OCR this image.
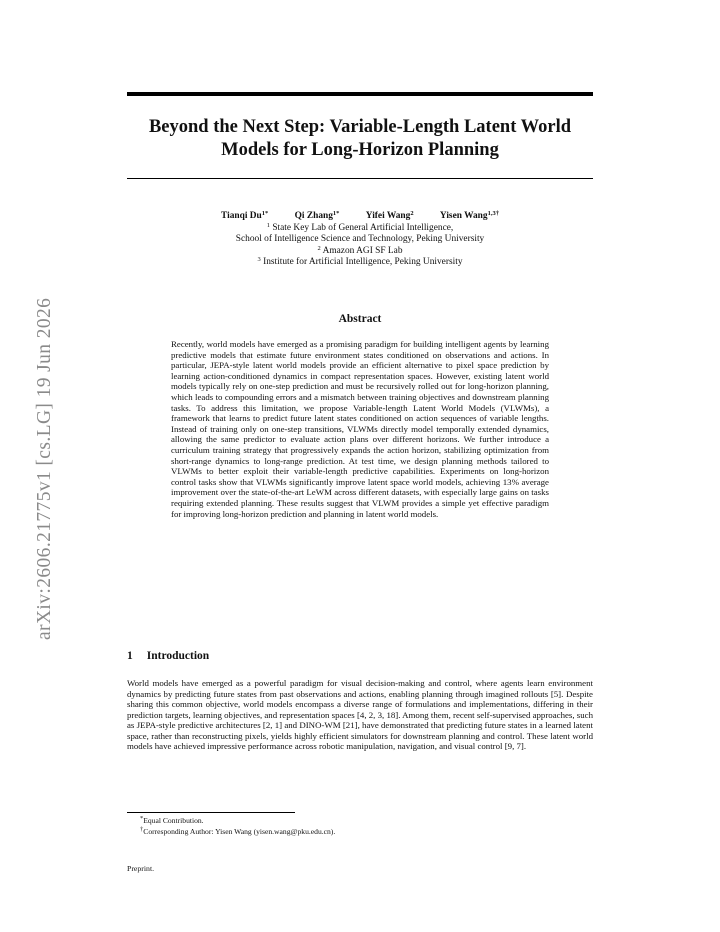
arXiv:2606.21775v1 [cs.LG] 19 Jun 2026
Beyond the Next Step: Variable-Length Latent World
Models for Long-Horizon Planning
Tianqi $Du^{1*}$	Qi Zhang$^{1*}$	Yifei Wang$^2$	Yisen Wang$^{1,3\dagger}$
$^1$ State Key Lab of General Artificial Intelligence,
School of Intelligence Science and Technology, Peking University
$^2$ Amazon AGI SF Lab
$^3$ Institute for Artificial Intelligence, Peking University
Abstract
Recently, world models have emerged as a promising paradigm for building intelligent agents by learning predictive models that estimate future environment states conditioned on observations and actions. In particular, JEPA-style latent world models provide an efficient alternative to pixel space prediction by learning action-conditioned dynamics in compact representation spaces. However, existing latent world models typically rely on one-step prediction and must be recursively rolled out for long-horizon planning, which leads to compounding errors and a mismatch between training objectives and downstream planning tasks. To address this limitation, we propose Variable-length Latent World Models (VLWMs), a framework that learns to predict future latent states conditioned on action sequences of variable lengths. Instead of training only on one-step transitions, VLWMs directly model temporally extended dynamics, allowing the same predictor to evaluate action plans over different horizons. We further introduce a curriculum training strategy that progressively expands the action horizon, stabilizing optimization from short-range dynamics to long-range prediction. At test time, we design planning methods tailored to VLWMs to better exploit their variable-length predictive capabilities. Experiments on long-horizon control tasks show that VLWMs significantly improve latent space world models, achieving 13% average improvement over the state-of-the-art LeWM across different datasets, with especially large gains on tasks requiring extended planning. These results suggest that VLWM provides a simple yet effective paradigm for improving long-horizon prediction and planning in latent world models.
1 Introduction
World models have emerged as a powerful paradigm for visual decision-making and control, where agents learn environment dynamics by predicting future states from past observations and actions, enabling planning through imagined rollouts [5]. Despite sharing this common objective, world models encompass a diverse range of formulations and implementations, differing in their prediction targets, learning objectives, and representation spaces [4, 2, 3, 18]. Among them, recent self-supervised approaches, such as JEPA-style predictive architectures [2, 1] and DINO-WM [21], have demonstrated that predicting future states in a learned latent space, rather than reconstructing pixels, yields highly efficient simulators for downstream planning and control. These latent world models have achieved impressive performance across robotic manipulation, navigation, and visual control [9, 7].
*Equal Contribution.
†Corresponding Author: Yisen Wang (yisen.wang@pku.edu.cn).
Preprint.
